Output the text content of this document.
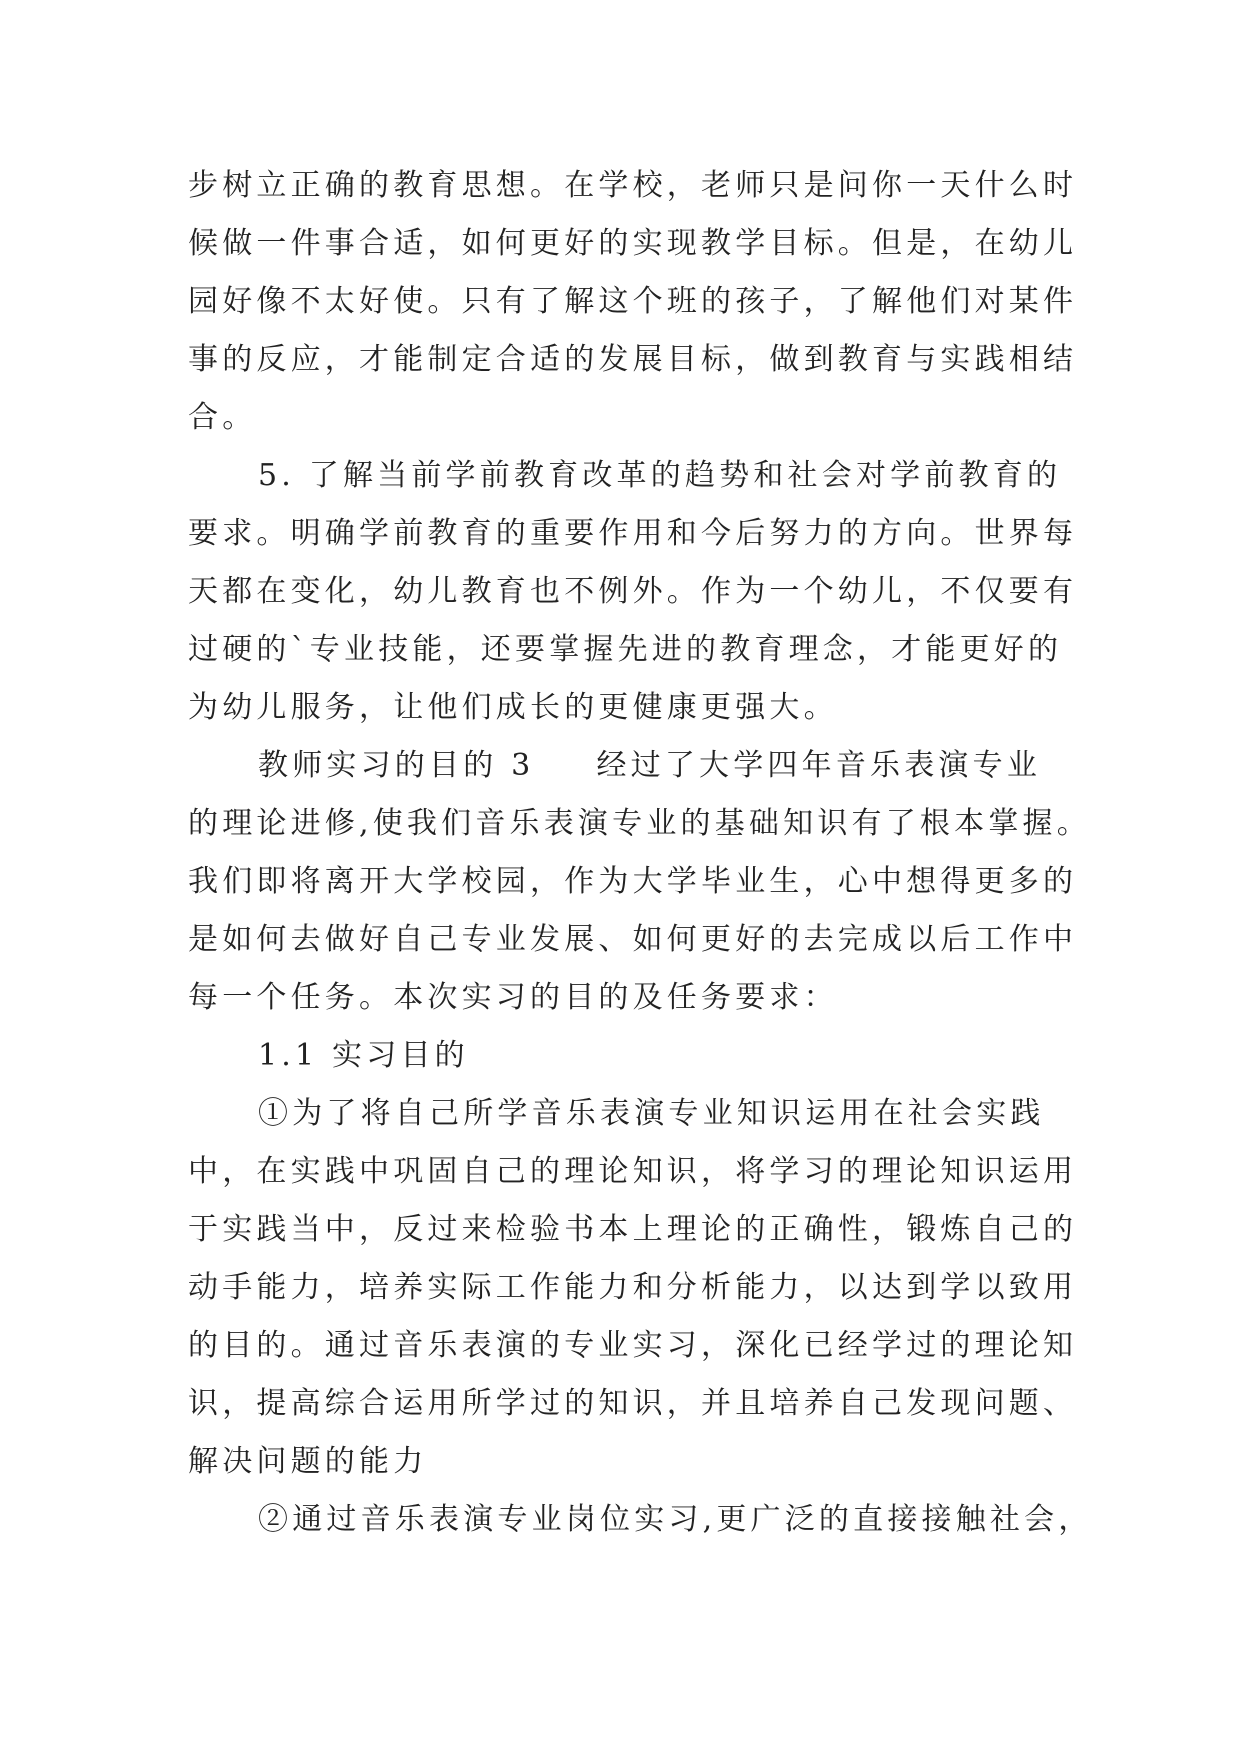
步树立正确的教育思想。在学校，老师只是问你一天什么时
候做一件事合适，如何更好的实现教学目标。但是，在幼儿
园好像不太好使。只有了解这个班的孩子，了解他们对某件
事的反应，才能制定合适的发展目标，做到教育与实践相结
合。
5. 了解当前学前教育改革的趋势和社会对学前教育的
要求。明确学前教育的重要作用和今后努力的方向。世界每
天都在变化，幼儿教育也不例外。作为一个幼儿，不仅要有
过硬的`专业技能，还要掌握先进的教育理念，才能更好的
为幼儿服务，让他们成长的更健康更强大。
教师实习的目的 3 经过了大学四年音乐表演专业
的理论进修,使我们音乐表演专业的基础知识有了根本掌握。
我们即将离开大学校园，作为大学毕业生，心中想得更多的
是如何去做好自己专业发展、如何更好的去完成以后工作中
每一个任务。本次实习的目的及任务要求：
1.1 实习目的
①为了将自己所学音乐表演专业知识运用在社会实践
中，在实践中巩固自己的理论知识，将学习的理论知识运用
于实践当中，反过来检验书本上理论的正确性，锻炼自己的
动手能力，培养实际工作能力和分析能力，以达到学以致用
的目的。通过音乐表演的专业实习，深化已经学过的理论知
识，提高综合运用所学过的知识，并且培养自己发现问题、
解决问题的能力
②通过音乐表演专业岗位实习,更广泛的直接接触社会，
